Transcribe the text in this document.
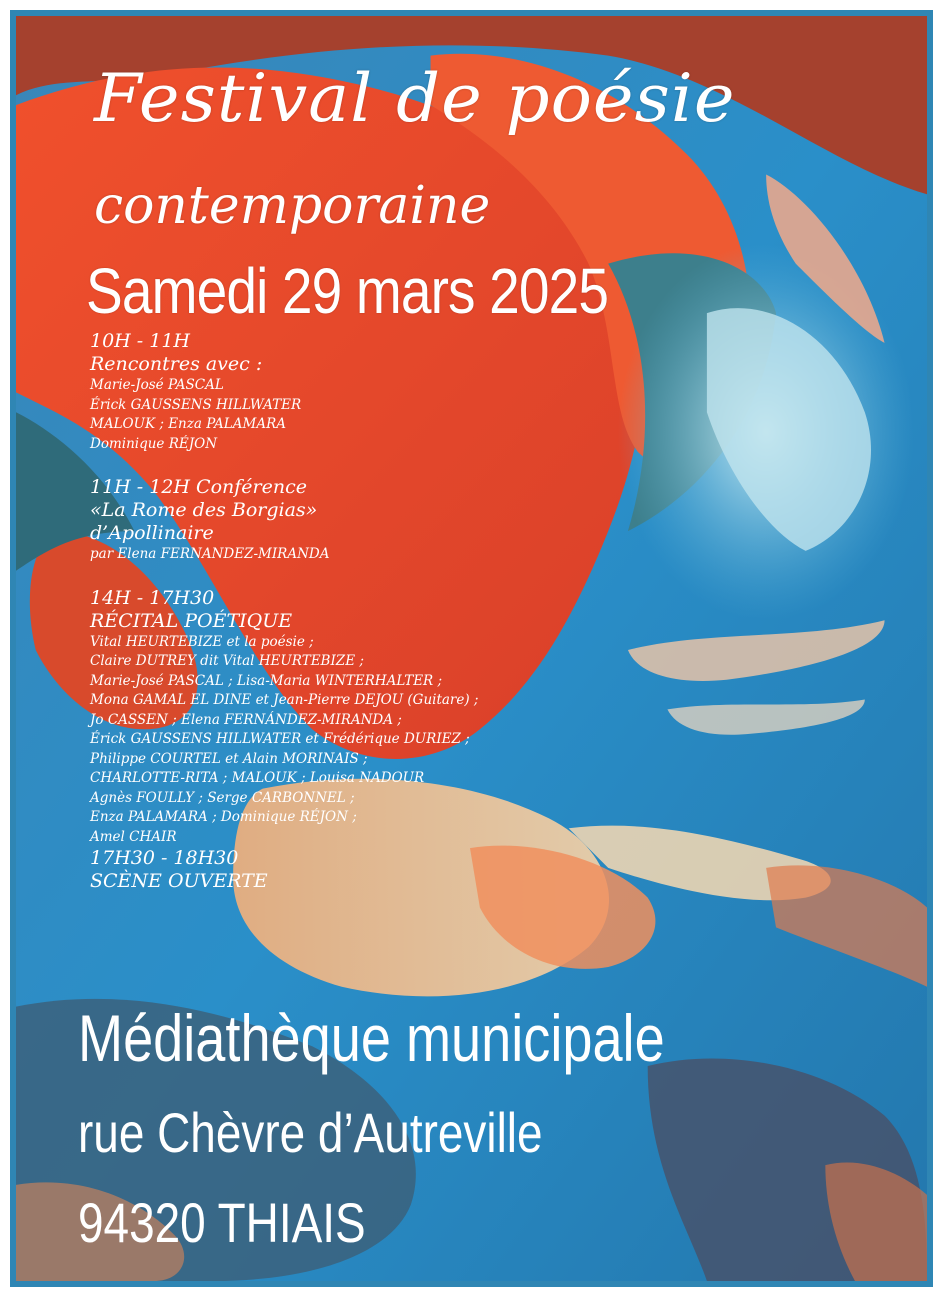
Festival de poésie

contemporaine

Samedi 29 mars 2025

10H - 11H
Rencontres avec :
Marie-José PASCAL
Érick GAUSSENS HILLWATER
MALOUK ; Enza PALAMARA
Dominique RÉJON
11H - 12H Conférence
«La Rome des Borgias»
d’Apollinaire
par Elena FERNANDEZ-MIRANDA
14H - 17H30
RÉCITAL POÉTIQUE
Vital HEURTEBIZE et la poésie ;
Claire DUTREY dit Vital HEURTEBIZE ;
Marie-José PASCAL ; Lisa-Maria WINTERHALTER ;
Mona GAMAL EL DINE et Jean-Pierre DEJOU (Guitare) ;
Jo CASSEN ; Elena FERNÁNDEZ-MIRANDA ;
Érick GAUSSENS HILLWATER et Frédérique DURIEZ ;
Philippe COURTEL et Alain MORINAIS ;
CHARLOTTE-RITA ; MALOUK ; Louisa NADOUR
Agnès FOULLY ; Serge CARBONNEL ;
Enza PALAMARA ; Dominique RÉJON ;
Amel CHAIR
17H30 - 18H30
SCÈNE OUVERTE
Médiathèque municipale
rue Chèvre d’Autreville
94320 THIAIS
